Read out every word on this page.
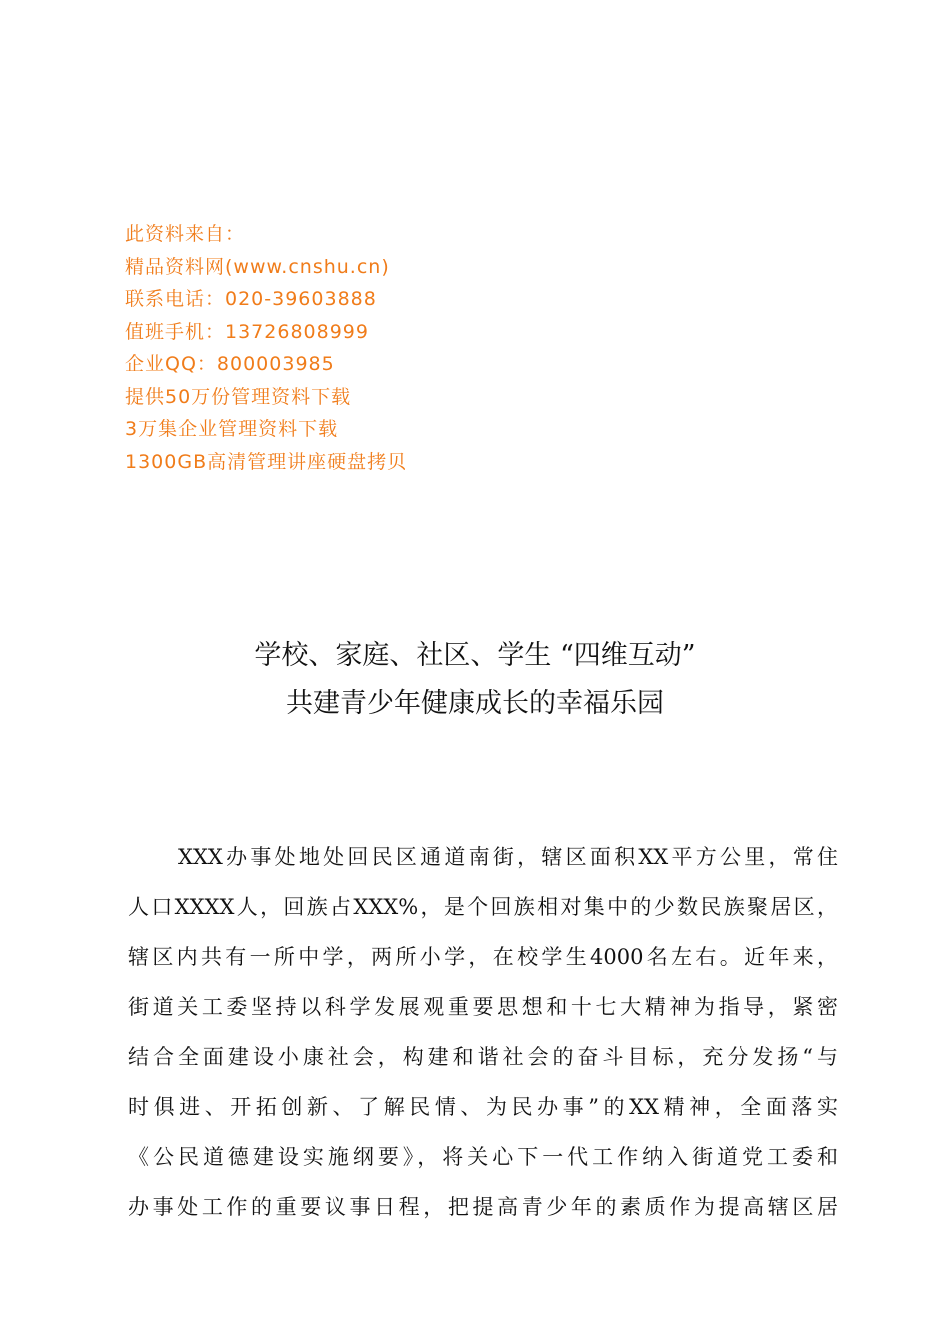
此资料来自：
精品资料网(www.cnshu.cn)
联系电话：020-39603888
值班手机：13726808999
企业QQ：800003985
提供50万份管理资料下载
3万集企业管理资料下载
1300GB高清管理讲座硬盘拷贝
学校、家庭、社区、学生 “四维互动”
共建青少年健康成长的幸福乐园
XXX办事处地处回民区通道南街，辖区面积XX平方公里，常住
人口XXXX人，回族占XXX%，是个回族相对集中的少数民族聚居区，
辖区内共有一所中学，两所小学，在校学生4000名左右。近年来，
街道关工委坚持以科学发展观重要思想和十七大精神为指导，紧密
结合全面建设小康社会，构建和谐社会的奋斗目标，充分发扬“与
时俱进、开拓创新、了解民情、为民办事”的XX精神，全面落实
《公民道德建设实施纲要》，将关心下一代工作纳入街道党工委和
办事处工作的重要议事日程，把提高青少年的素质作为提高辖区居
